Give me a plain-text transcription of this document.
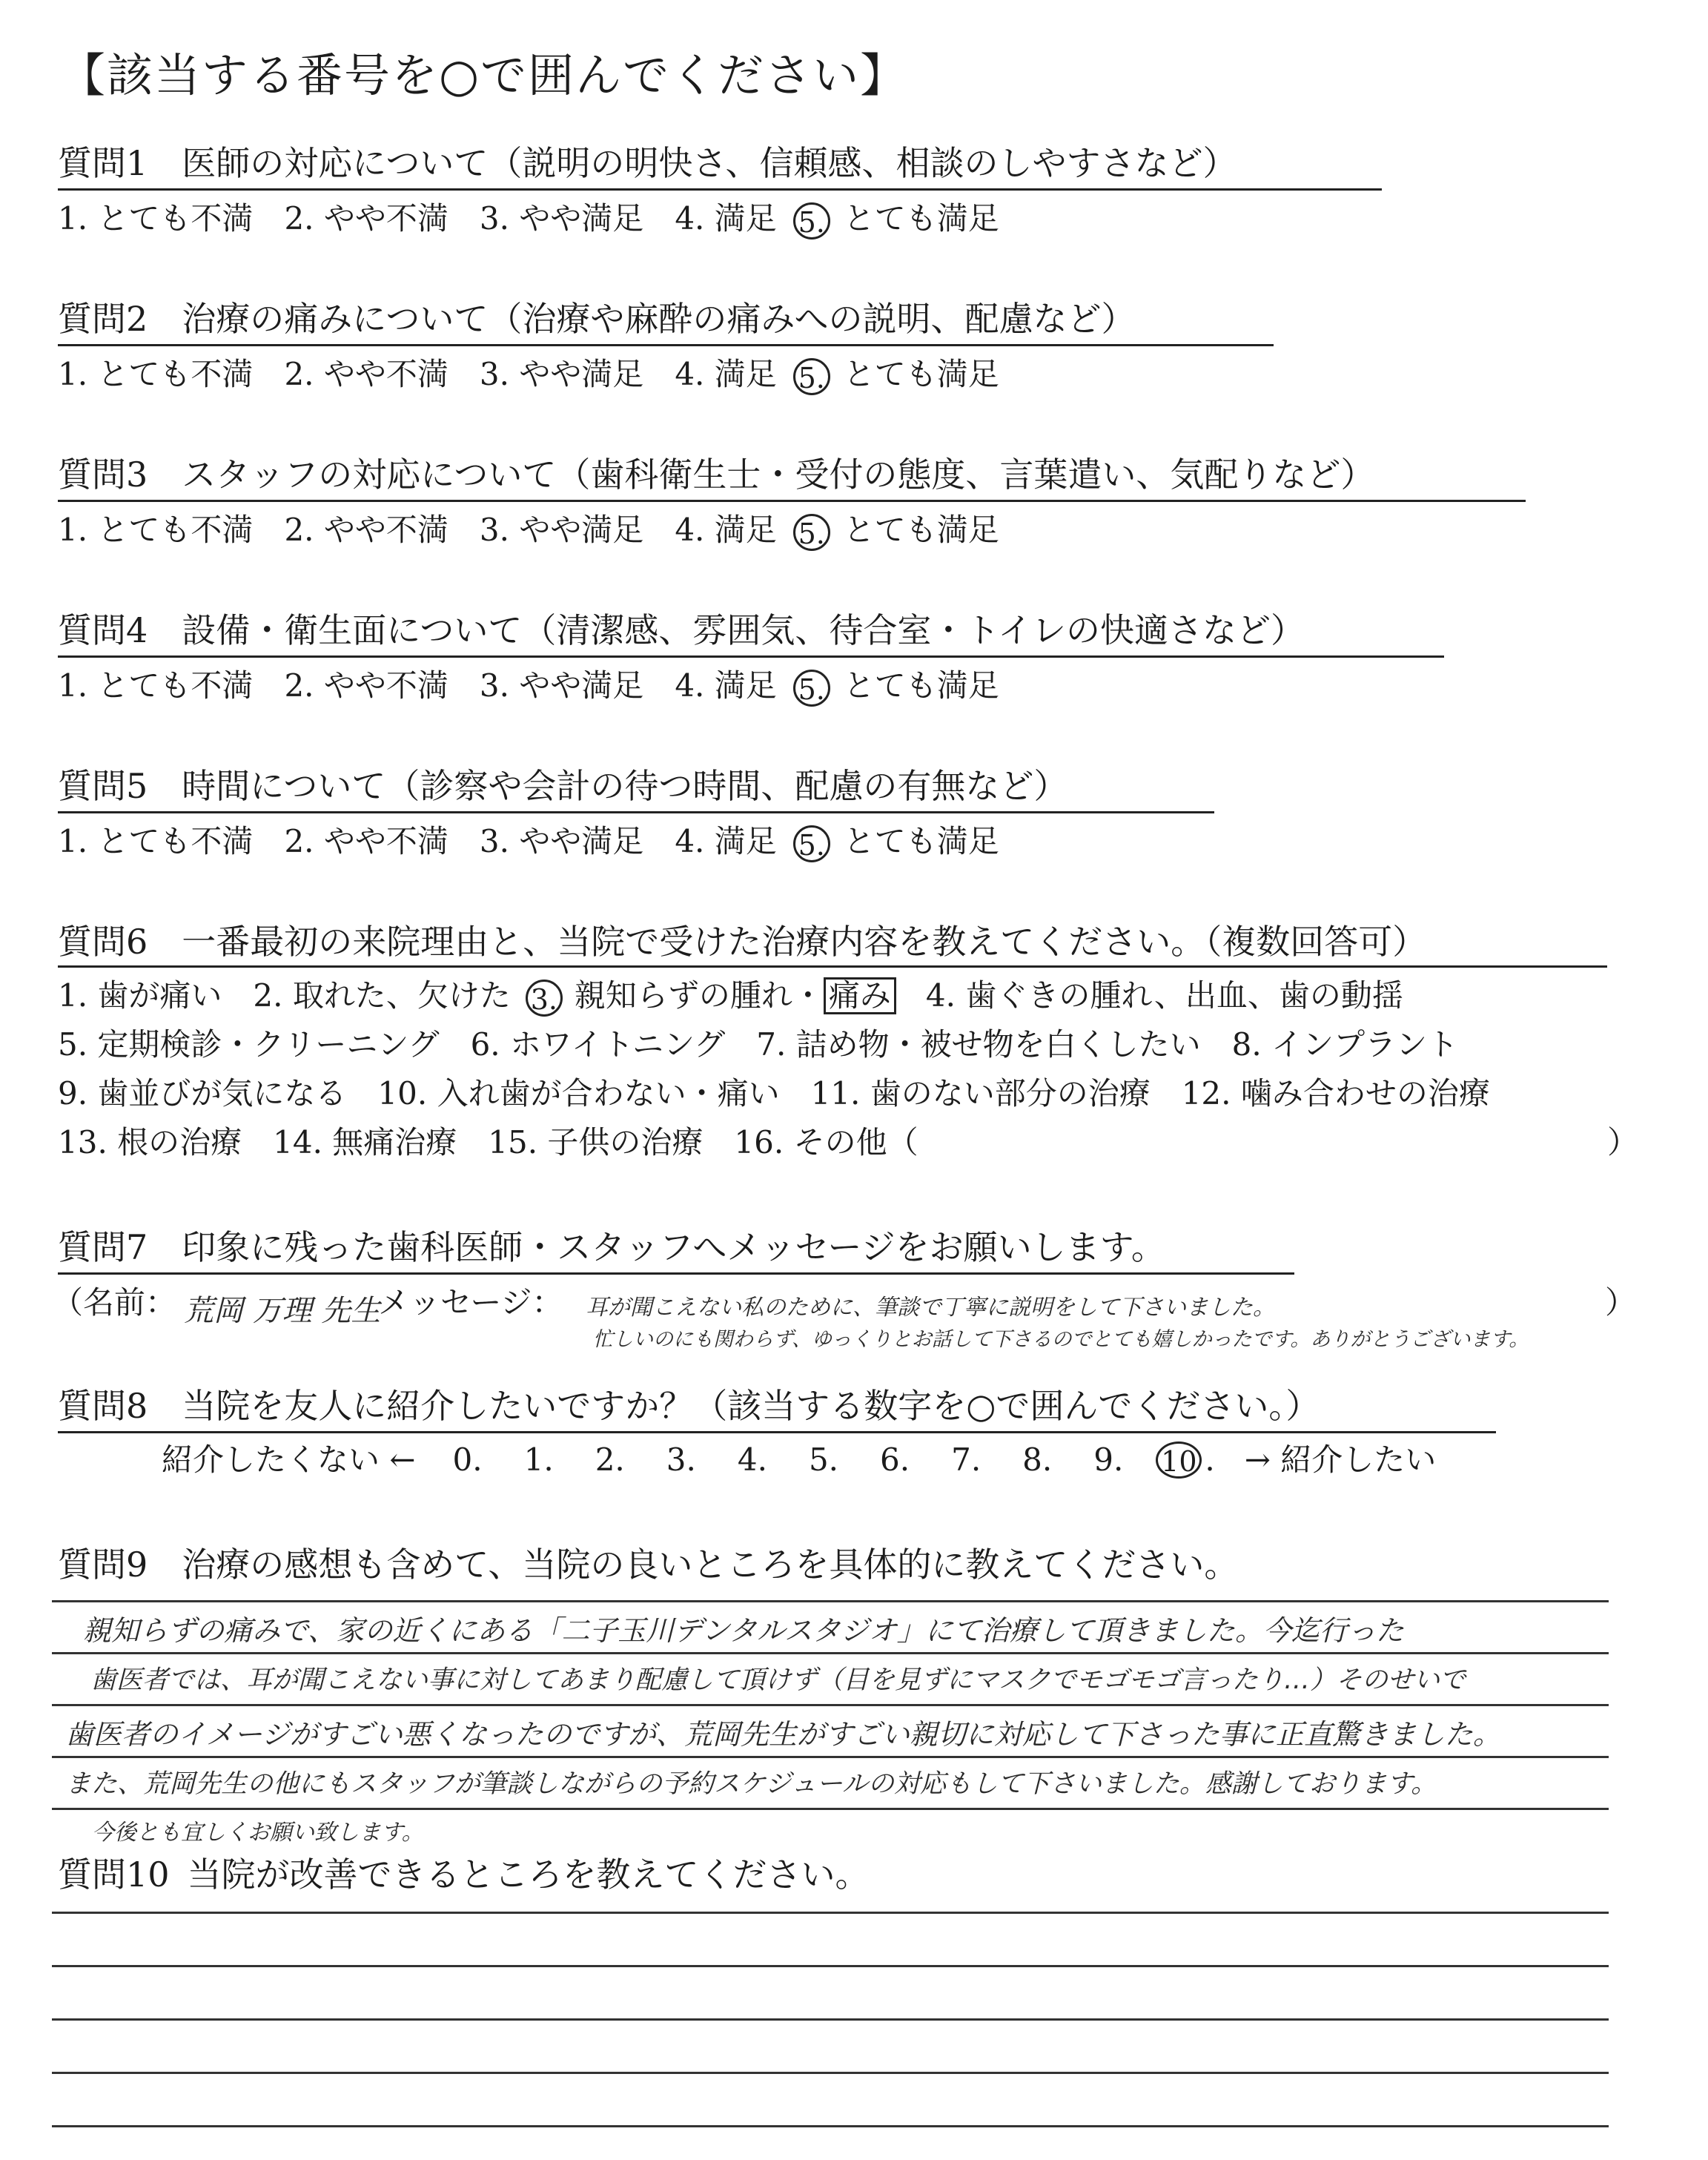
【該当する番号を○で囲んでください】
質問1 医師の対応について（説明の明快さ、信頼感、相談のしやすさなど）
1. とても不満 2. やや不満 3. やや満足 4. 満足 5. とても満足
質問2 治療の痛みについて（治療や麻酔の痛みへの説明、配慮など）
1. とても不満 2. やや不満 3. やや満足 4. 満足 5. とても満足
質問3 スタッフの対応について（歯科衛生士・受付の態度、言葉遣い、気配りなど）
1. とても不満 2. やや不満 3. やや満足 4. 満足 5. とても満足
質問4 設備・衛生面について（清潔感、雰囲気、待合室・トイレの快適さなど）
1. とても不満 2. やや不満 3. やや満足 4. 満足 5. とても満足
質問5 時間について（診察や会計の待つ時間、配慮の有無など）
1. とても不満 2. やや不満 3. やや満足 4. 満足 5. とても満足
質問6 一番最初の来院理由と、当院で受けた治療内容を教えてください。（複数回答可）
1. 歯が痛い　2. 取れた、欠けた 3. 親知らずの腫れ・ 痛み 4. 歯ぐきの腫れ、出血、歯の動揺
5. 定期検診・クリーニング　6. ホワイトニング　7. 詰め物・被せ物を白くしたい　8. インプラント
9. 歯並びが気になる　10. 入れ歯が合わない・痛い　11. 歯のない部分の治療　12. 噛み合わせの治療
13. 根の治療　14. 無痛治療　15. 子供の治療　16. その他（	）
質問7 印象に残った歯科医師・スタッフへメッセージをお願いします。
（名前： 荒岡 万理 先生
メッセージ： 耳が聞こえない私のために、筆談で丁寧に説明をして下さいました。	）
忙しいのにも関わらず、ゆっくりとお話して下さるのでとても嬉しかったです。ありがとうございます。
質問8 当院を友人に紹介したいですか？（該当する数字を○で囲んでください。）
紹介したくない ← 0. 1. 2. 3. 4. 5. 6. 7. 8. 9. 10 . → 紹介したい
質問9 治療の感想も含めて、当院の良いところを具体的に教えてください。
親知らずの痛みで、家の近くにある「二子玉川デンタルスタジオ」にて治療して頂きました。今迄行った
歯医者では、耳が聞こえない事に対してあまり配慮して頂けず（目を見ずにマスクでモゴモゴ言ったり…）そのせいで
歯医者のイメージがすごい悪くなったのですが、荒岡先生がすごい親切に対応して下さった事に正直驚きました。
また、荒岡先生の他にもスタッフが筆談しながらの予約スケジュールの対応もして下さいました。感謝しております。
今後とも宜しくお願い致します。
質問10 当院が改善できるところを教えてください。
